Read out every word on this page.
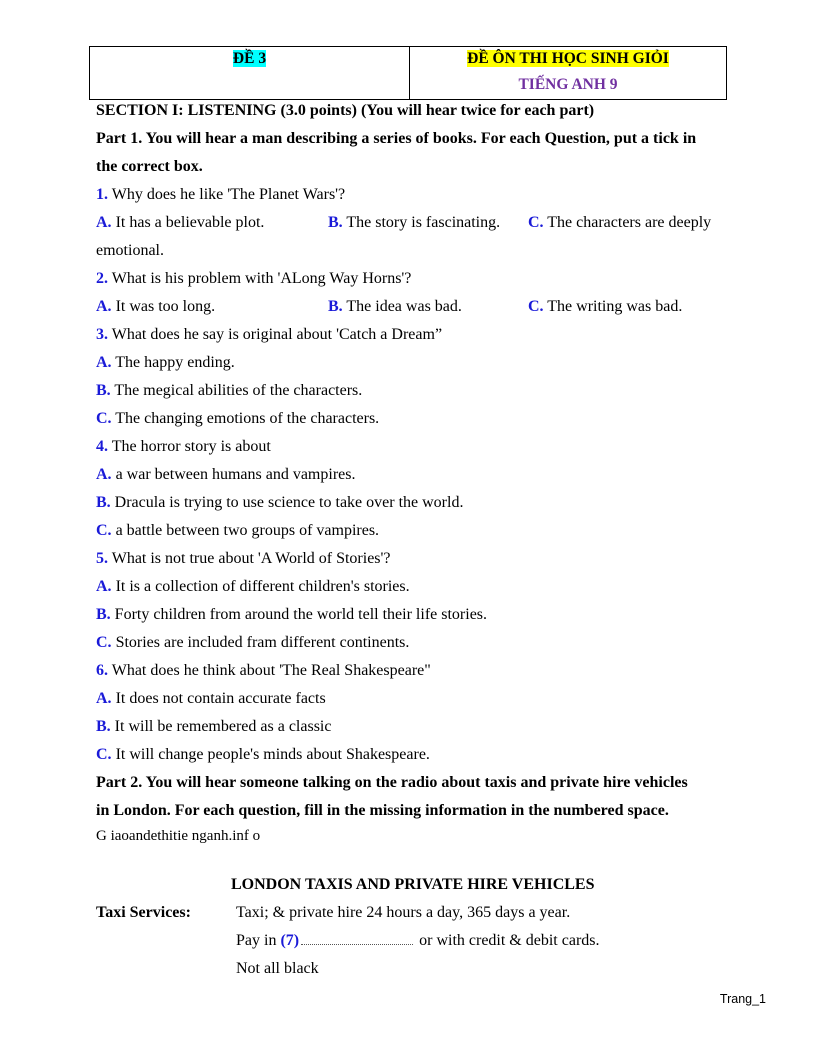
ĐỀ 3	ĐỀ ÔN THI HỌC SINH GIỎI
TIẾNG ANH 9
SECTION I: LISTENING (3.0 points) (You will hear twice for each part)
Part 1. You will hear a man describing a series of books. For each Question, put a tick in
the correct box.
1. Why does he like 'The Planet Wars'?
A. It has a believable plot.	B. The story is fascinating. C. The characters are deeply
emotional.
2. What is his problem with 'ALong Way Horns'?
A. It was too long.	B. The idea was bad.	C. The writing was bad.
3. What does he say is original about 'Catch a Dream”
A. The happy ending.
B. The megical abilities of the characters.
C. The changing emotions of the characters.
4. The horror story is about
A. a war between humans and vampires.
B. Dracula is trying to use science to take over the world.
C. a battle between two groups of vampires.
5. What is not true about 'A World of Stories'?
A. It is a collection of different children's stories.
B. Forty children from around the world tell their life stories.
C. Stories are included fram different continents.
6. What does he think about 'The Real Shakespeare"
A. It does not contain accurate facts
B. It will be remembered as a classic
C. It will change people's minds about Shakespeare.
Part 2. You will hear someone talking on the radio about taxis and private hire vehicles
in London. For each question, fill in the missing information in the numbered space.
G iaoandethitie nganh.inf o
LONDON TAXIS AND PRIVATE HIRE VEHICLES
Taxi Services:	Taxi; & private hire 24 hours a day, 365 days a year.
Pay in (7)	or with credit & debit cards.
Not all black
Trang_1
